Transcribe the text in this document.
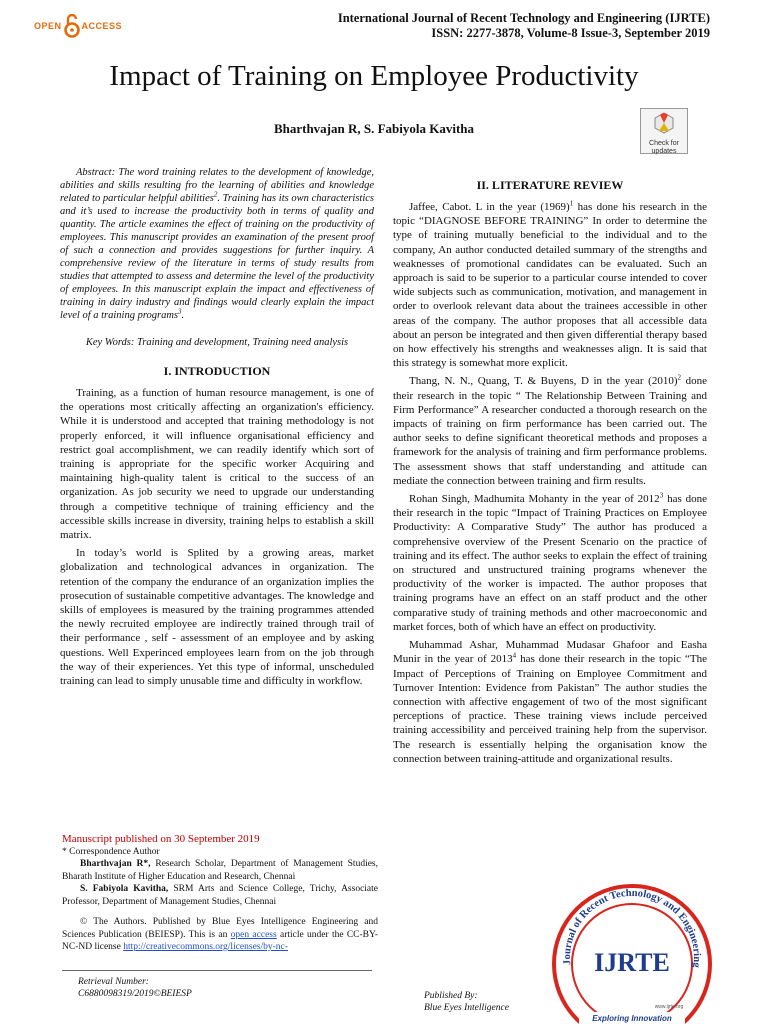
OPEN ACCESS
International Journal of Recent Technology and Engineering (IJRTE)
ISSN: 2277-3878, Volume-8 Issue-3, September 2019
Impact of Training on Employee Productivity
Bharthvajan R, S. Fabiyola Kavitha
Check for
updates

Abstract: The word training relates to the development of knowledge, abilities and skills resulting fro the learning of abilities and knowledge related to particular helpful abilities$^2$. Training has its own characteristics and it’s used to increase the productivity both in terms of quality and quantity. The article examines the effect of training on the productivity of employees. This manuscript provides an examination of the present proof of such a connection and provides suggestions for further inquiry. A comprehensive review of the literature in terms of study results from studies that attempted to assess and determine the level of the productivity of employees. In this manuscript explain the impact and effectiveness of training in dairy industry and findings would clearly explain the impact level of a training programs$^3$.

Key Words: Training and development, Training need analysis
I. INTRODUCTION

Training, as a function of human resource management, is one of the operations most critically affecting an organization's efficiency. While it is understood and accepted that training methodology is not properly enforced, it will influence organisational efficiency and restrict goal accomplishment, we can readily identify which sort of training is appropriate for the specific worker Acquiring and maintaining high-quality talent is critical to the success of an organization. As job security we need to upgrade our understanding through a competitive technique of training efficiency and the accessible skills increase in diversity, training helps to establish a skill matrix.

In today’s world is Splited by a growing areas, market globalization and technological advances in organization. The retention of the company the endurance of an organization implies the prosecution of sustainable competitive advantages. The knowledge and skills of employees is measured by the training programmes attended the newly recruited employee are indirectly trained through trail of their performance , self - assessment of an employee and by asking questions. Well Experinced employees learn from on the job through the way of their experiences. Yet this type of informal, unscheduled training can lead to simply unusable time and difficulty in workflow.

Manuscript published on 30 September 2019
* Correspondence Author
Bharthvajan R*, Research Scholar, Department of Management Studies, Bharath Institute of Higher Education and Research, Chennai
S. Fabiyola Kavitha, SRM Arts and Science College, Trichy, Associate Professor, Department of Management Studies, Chennai
© The Authors. Published by Blue Eyes Intelligence Engineering and Sciences Publication (BEIESP). This is an open access article under the CC-BY-NC-ND license http://creativecommons.org/licenses/by-nc-
Retrieval Number:
C6880098319/2019©BEIESP	Published By:
Blue Eyes Intelligence
II. LITERATURE REVIEW

Jaffee, Cabot. L in the year $(1969)^1$ has done his research in the topic “DIAGNOSE BEFORE TRAINING” In order to determine the type of training mutually beneficial to the individual and to the company, An author conducted detailed summary of the strengths and weaknesses of promotional candidates can be evaluated. Such an approach is said to be superior to a particular course intended to cover wide subjects such as communication, motivation, and management in order to overlook relevant data about the trainees accessible in other areas of the company. The author proposes that all accessible data about an person be integrated and then given differential therapy based on how effectively his strengths and weaknesses align. It is said that this strategy is somewhat more explicit.

Thang, N. N., Quang, T. & Buyens, D in the year $(2010)^2$ done their research in the topic “ The Relationship Between Training and Firm Performance” A researcher conducted a thorough research on the impacts of training on firm performance has been carried out. The author seeks to define significant theoretical methods and proposes a framework for the analysis of training and firm performance problems. The assessment shows that staff understanding and attitude can mediate the connection between training and firm results.

Rohan Singh, Madhumita Mohanty in the year of 2012$^3$ has done their research in the topic “Impact of Training Practices on Employee Productivity: A Comparative Study” The author has produced a comprehensive overview of the Present Scenario on the practice of training and its effect. The author seeks to explain the effect of training on structured and unstructured training programs whenever the productivity of the worker is impacted. The author proposes that training programs have an effect on an staff product and the other comparative study of training methods and other macroeconomic and market forces, both of which have an effect on productivity.

Muhammad Ashar, Muhammad Mudasar Ghafoor and Easha Munir in the year of 2013$^4$ has done their research in the topic “The Impact of Perceptions of Training on Employee Commitment and Turnover Intention: Evidence from Pakistan” The author studies the connection with affective engagement of two of the most significant perceptions of practice. These training views include perceived training accessibility and perceived training help from the supervisor. The research is essentially helping the organisation know the connection between training-attitude and organizational results.

Journal of Recent Technology and Engineering
IJRTE
www.ijrte.org
Exploring Innovation
